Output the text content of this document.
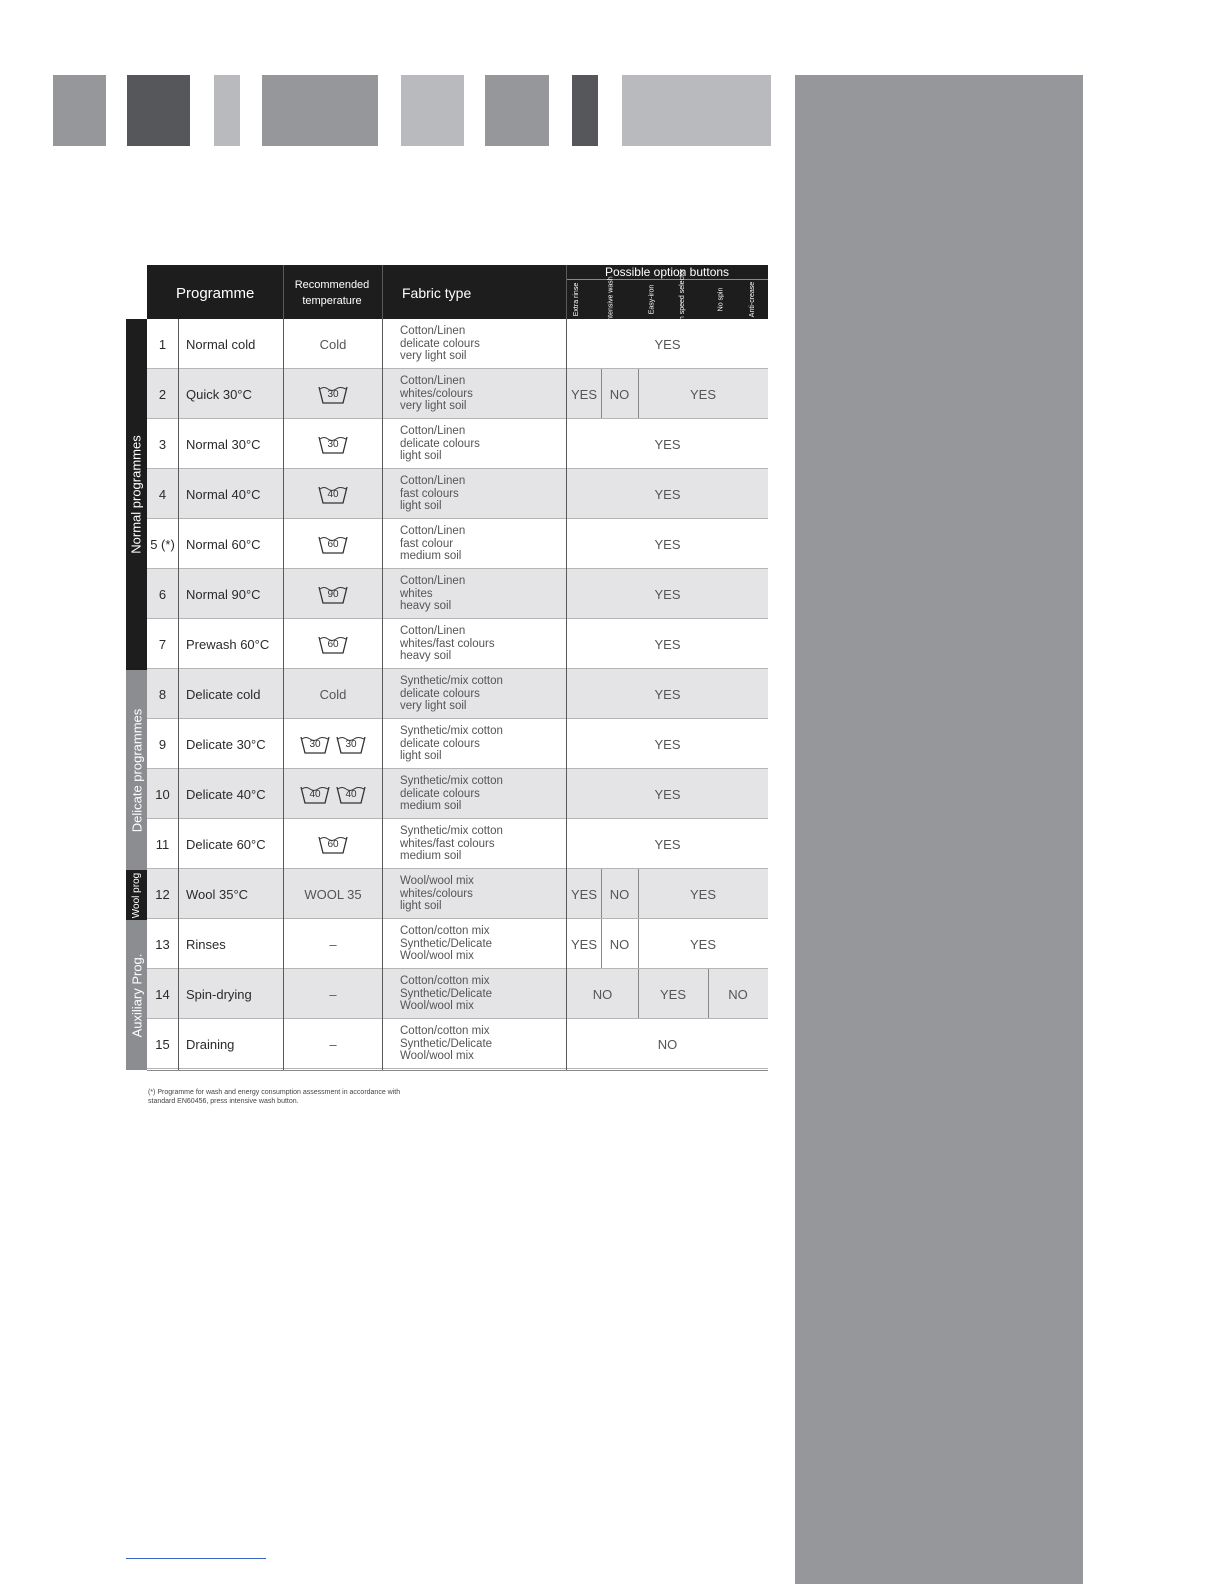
Programme	Recommended temperature	Fabric type
Possible option buttons
Extra rinse	Intensive wash	Easy-iron	Spin speed selector	No spin	Anti-crease
1	Normal cold	Cold
Cotton/Linen
delicate colours
very light soil
YES
2	Quick 30°C	30
Cotton/Linen
whites/colours
very light soil
YES NO	YES
3	Normal 30°C	30
Cotton/Linen
delicate colours
light soil
YES
4	Normal 40°C	40
Cotton/Linen
fast colours
light soil
YES
5 (*) Normal 60°C	60
Cotton/Linen
fast colour
medium soil
YES
6	Normal 90°C	90
Cotton/Linen
whites
heavy soil
YES
7	Prewash 60°C	60
Cotton/Linen
whites/fast colours
heavy soil
YES
8	Delicate cold	Cold
Synthetic/mix cotton
delicate colours
very light soil
YES
9	Delicate 30°C	30	30
Synthetic/mix cotton
delicate colours
light soil
YES
10	Delicate 40°C	40	40
Synthetic/mix cotton
delicate colours
medium soil
YES
11	Delicate 60°C	60
Synthetic/mix cotton
whites/fast colours
medium soil
YES
12	Wool 35°C	WOOL 35
Wool/wool mix
whites/colours
light soil
YES NO	YES
13	Rinses	–
Cotton/cotton mix
Synthetic/Delicate
Wool/wool mix
YES NO	YES
14	Spin-drying	–
Cotton/cotton mix
Synthetic/Delicate
Wool/wool mix
NO	YES	NO
15	Draining	–
Cotton/cotton mix
Synthetic/Delicate
Wool/wool mix
NO
Normal programmes
Delicate programmes
Wool prog
Auxiliary Prog.
(*) Programme for wash and energy consumption assessment in accordance with standard EN60456, press intensive wash button.
